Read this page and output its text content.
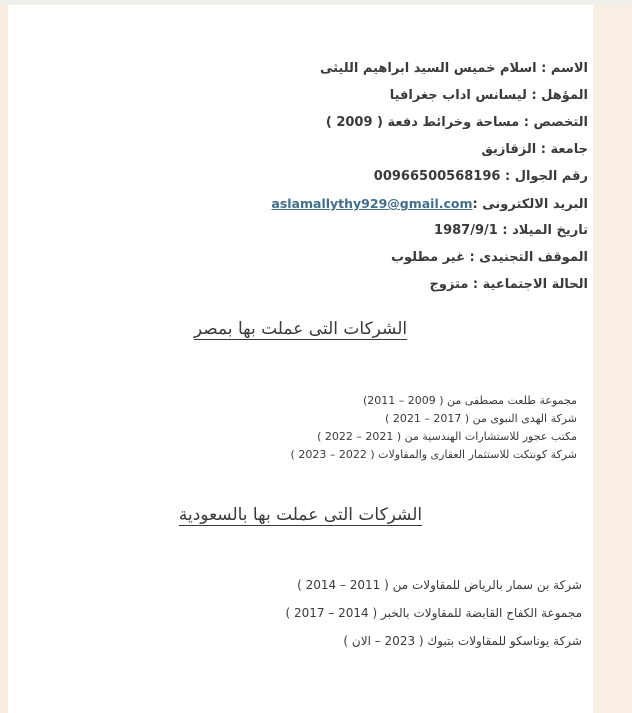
الاسم : اسلام خميس السيد ابراهيم الليثى
المؤهل : ليسانس اداب جغرافيا
التخصص : مساحة وخرائط دفعة ( 2009 )
جامعة : الزقازيق
رقم الجوال : 00966500568196
البريد الالكترونى :aslamallythy929@gmail.com
تاريخ الميلاد : 1987/9/1
الموقف التجنيدى : غير مطلوب
الحالة الاجتماعية : متزوج
الشركات التى عملت بها بمصر
مجموعة طلعت مصطفى من ( 2009 – 2011)
شركة الهدى النبوى من ( 2017 – 2021 )
مكتب عجور للاستشارات الهندسية من ( 2021 – 2022 )
شركة كونتكت للاستثمار العقارى والمقاولات ( 2022 – 2023 )
الشركات التى عملت بها بالسعودية
شركة بن سمار بالرياض للمقاولات من ( 2011 – 2014 )
مجموعة الكفاح القابضة للمقاولات بالخبر ( 2014 – 2017 )
شركة يوناسكو للمقاولات بتبوك ( 2023 – الان )
